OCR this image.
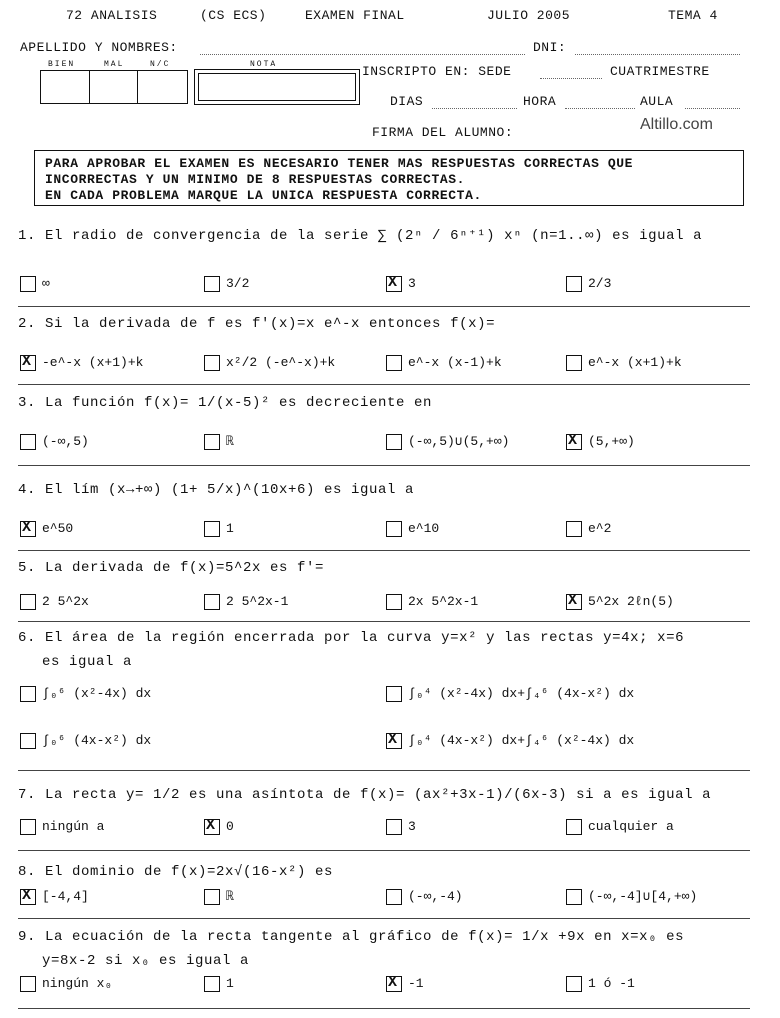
72 ANALISIS	(CS ECS)	EXAMEN FINAL	JULIO 2005	TEMA 4
APELLIDO Y NOMBRES:	DNI:
BIEN	MAL	N/C	NOTA	INSCRIPTO EN: SEDE	CUATRIMESTRE
DIAS	HORA	AULA
FIRMA DEL ALUMNO:	Altillo.com
PARA APROBAR EL EXAMEN ES NECESARIO TENER MAS RESPUESTAS CORRECTAS QUE
INCORRECTAS Y UN MINIMO DE 8 RESPUESTAS CORRECTAS.
EN CADA PROBLEMA MARQUE LA UNICA RESPUESTA CORRECTA.
1. El radio de convergencia de la serie ∑ (2ⁿ / 6ⁿ⁺¹) xⁿ (n=1..∞) es igual a
∞	3/2	X 3	2/3
2. Si la derivada de f es f'(x)=x e^-x entonces f(x)=
X -e^-x (x+1)+k	x²/2 (-e^-x)+k	e^-x (x-1)+k	e^-x (x+1)+k
3. La función f(x)= 1/(x-5)² es decreciente en
(-∞,5)	ℝ	(-∞,5)∪(5,+∞)	X (5,+∞)
4. El lím (x→+∞) (1+ 5/x)^(10x+6) es igual a
X e^50	1	e^10	e^2
5. La derivada de f(x)=5^2x es f'=
2 5^2x	2 5^2x-1	2x 5^2x-1	X 5^2x 2ℓn(5)
6. El área de la región encerrada por la curva y=x² y las rectas y=4x; x=6
es igual a
∫₀⁶ (x²-4x) dx	∫₀⁴ (x²-4x) dx+∫₄⁶ (4x-x²) dx
∫₀⁶ (4x-x²) dx	X ∫₀⁴ (4x-x²) dx+∫₄⁶ (x²-4x) dx
7. La recta y= 1/2 es una asíntota de f(x)= (ax²+3x-1)/(6x-3) si a es igual a
ningún a	X 0	3	cualquier a
8. El dominio de f(x)=2x√(16-x²) es
X [-4,4]	ℝ	(-∞,-4)	(-∞,-4]∪[4,+∞)
9. La ecuación de la recta tangente al gráfico de f(x)= 1/x +9x en x=x₀ es
y=8x-2 si x₀ es igual a
ningún x₀	1	X -1	1 ó -1
